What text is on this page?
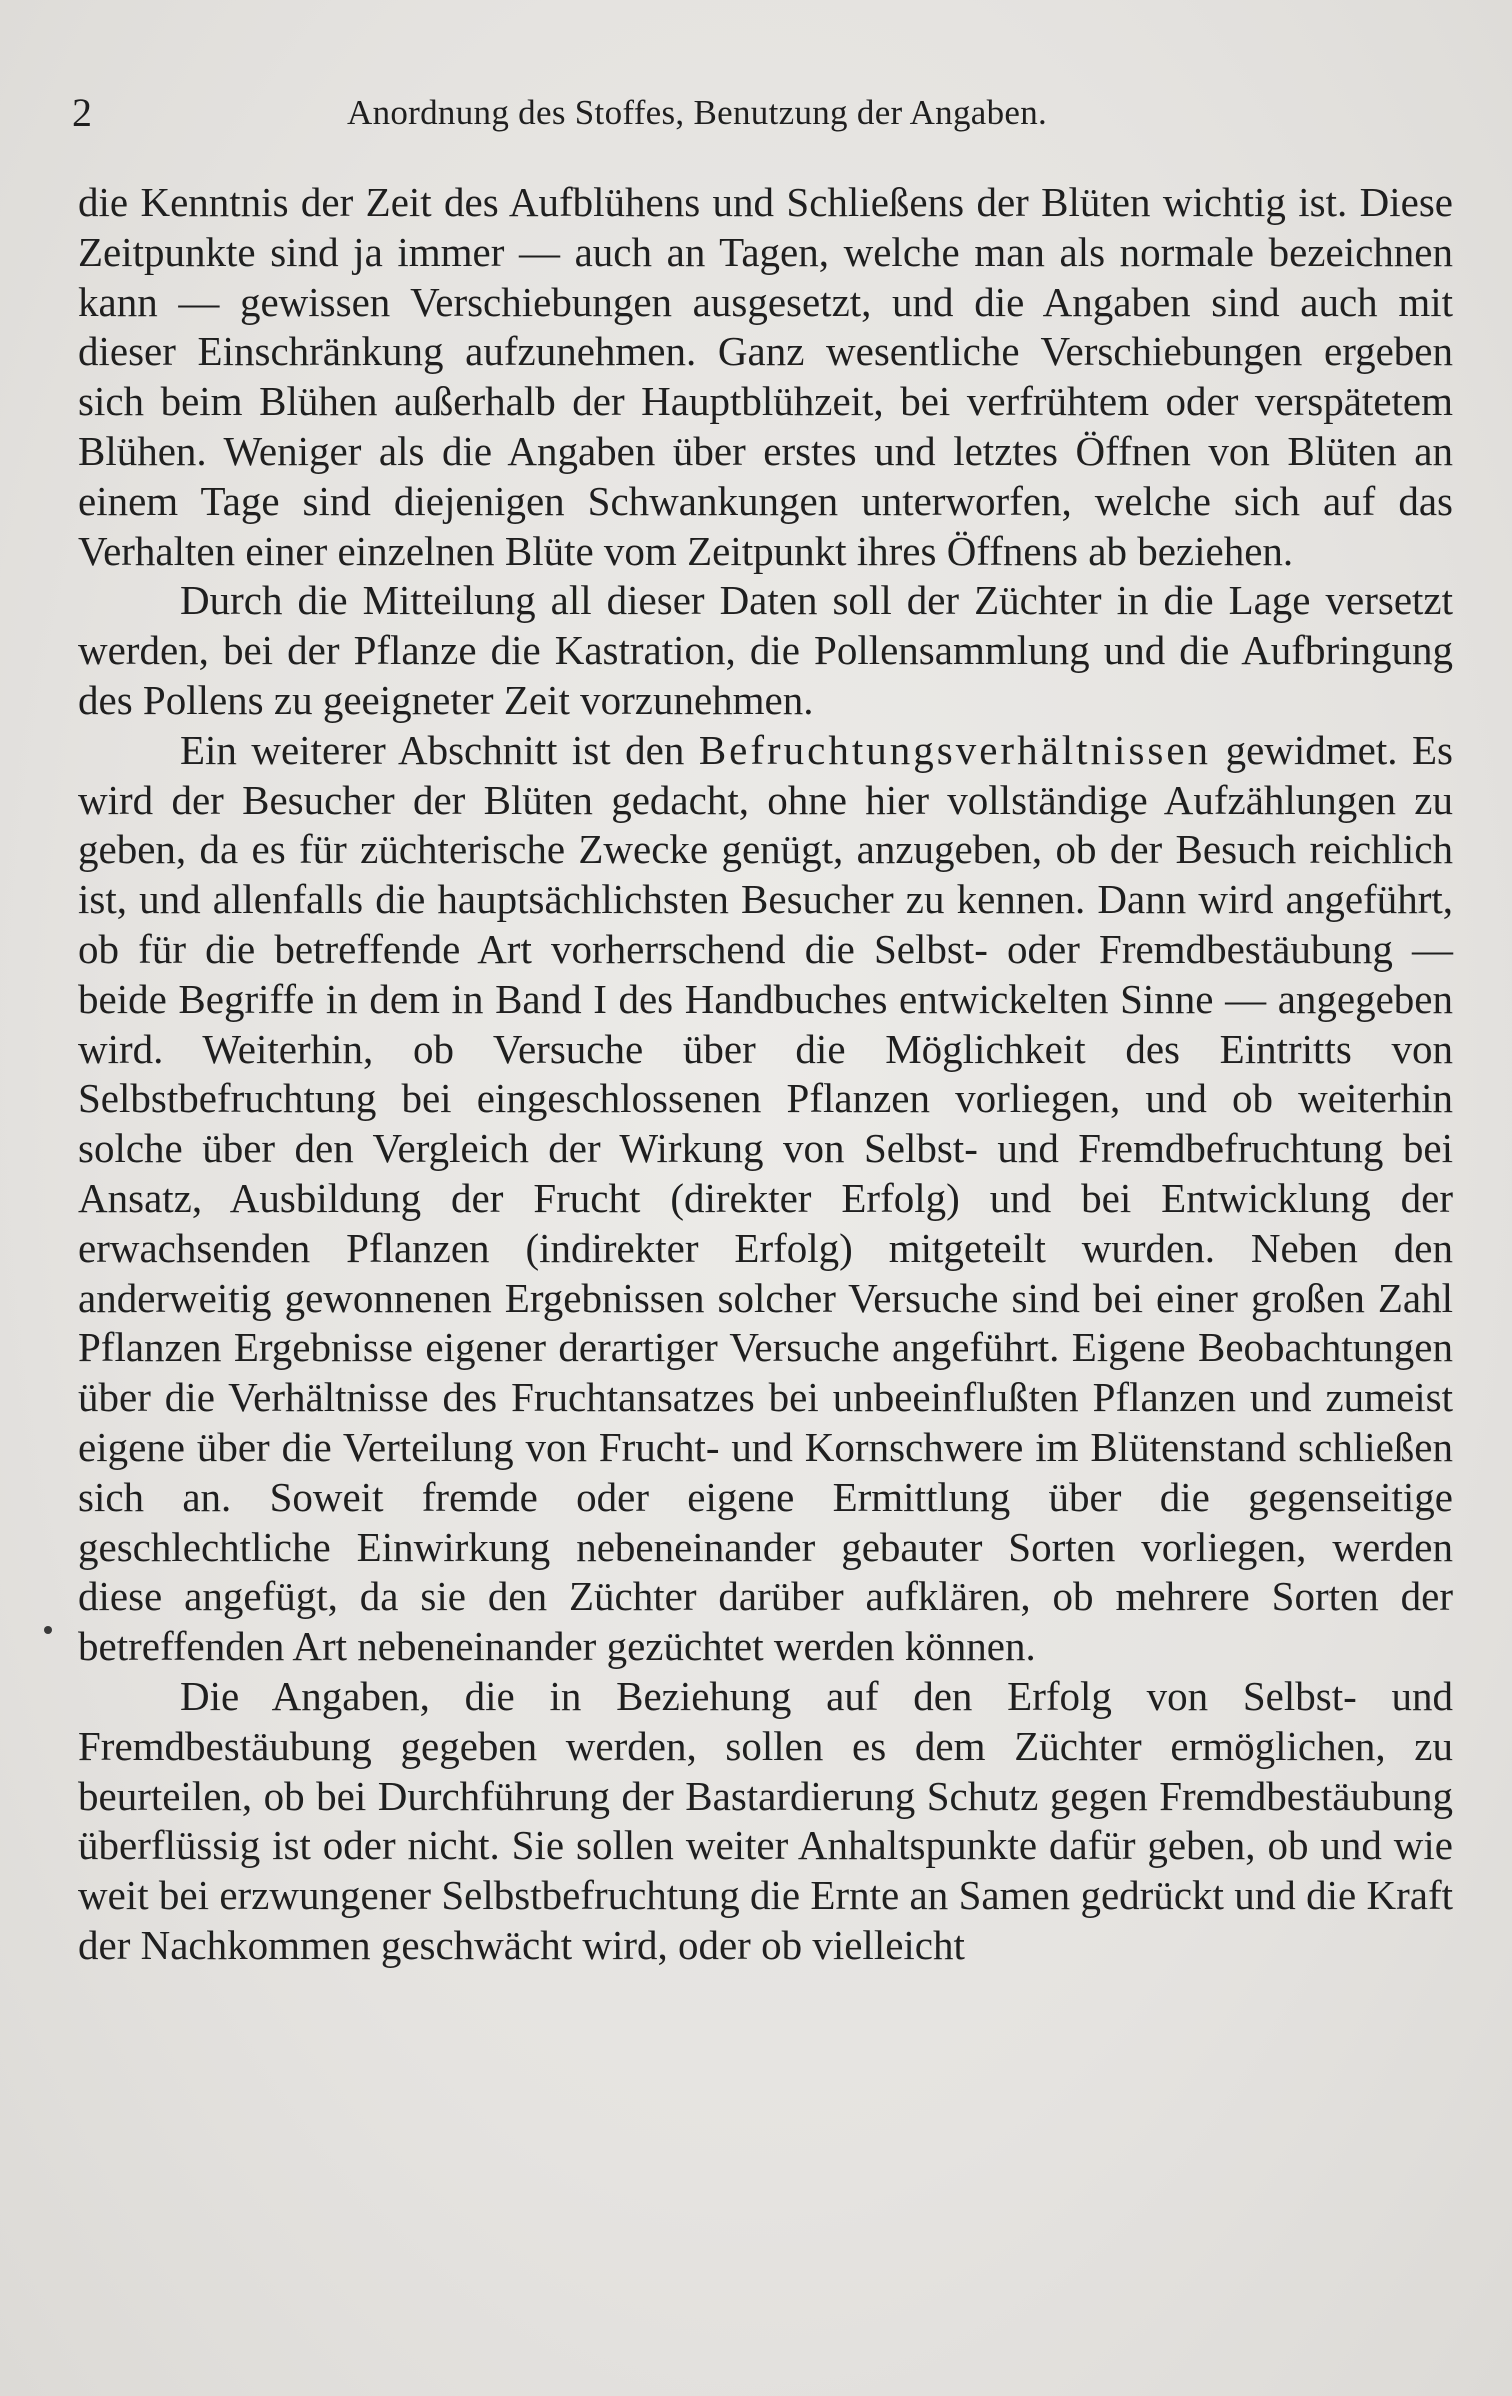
2	Anordnung des Stoffes, Benutzung der Angaben.

die Kenntnis der Zeit des Aufblühens und Schließens der Blüten wichtig ist. Diese Zeitpunkte sind ja immer — auch an Tagen, welche man als normale bezeichnen kann — gewissen Verschiebungen ausgesetzt, und die Angaben sind auch mit dieser Einschränkung aufzunehmen. Ganz wesentliche Verschiebungen ergeben sich beim Blühen außerhalb der Hauptblühzeit, bei verfrühtem oder verspätetem Blühen. Weniger als die Angaben über erstes und letztes Öffnen von Blüten an einem Tage sind diejenigen Schwankungen unterworfen, welche sich auf das Verhalten einer einzelnen Blüte vom Zeitpunkt ihres Öffnens ab beziehen.

Durch die Mitteilung all dieser Daten soll der Züchter in die Lage versetzt werden, bei der Pflanze die Kastration, die Pollensammlung und die Aufbringung des Pollens zu geeigneter Zeit vorzunehmen.

Ein weiterer Abschnitt ist den Befruchtungsverhältnissen gewidmet. Es wird der Besucher der Blüten gedacht, ohne hier vollständige Aufzählungen zu geben, da es für züchterische Zwecke genügt, anzugeben, ob der Besuch reichlich ist, und allenfalls die hauptsächlichsten Besucher zu kennen. Dann wird angeführt, ob für die betreffende Art vorherrschend die Selbst- oder Fremdbestäubung — beide Begriffe in dem in Band I des Handbuches entwickelten Sinne — angegeben wird. Weiterhin, ob Versuche über die Möglichkeit des Eintritts von Selbstbefruchtung bei eingeschlossenen Pflanzen vorliegen, und ob weiterhin solche über den Vergleich der Wirkung von Selbst- und Fremdbefruchtung bei Ansatz, Ausbildung der Frucht (direkter Erfolg) und bei Entwicklung der erwachsenden Pflanzen (indirekter Erfolg) mitgeteilt wurden. Neben den anderweitig gewonnenen Ergebnissen solcher Versuche sind bei einer großen Zahl Pflanzen Ergebnisse eigener derartiger Versuche angeführt. Eigene Beobachtungen über die Verhältnisse des Fruchtansatzes bei unbeeinflußten Pflanzen und zumeist eigene über die Verteilung von Frucht- und Kornschwere im Blütenstand schließen sich an. Soweit fremde oder eigene Ermittlung über die gegenseitige geschlechtliche Einwirkung nebeneinander gebauter Sorten vorliegen, werden diese angefügt, da sie den Züchter darüber aufklären, ob mehrere Sorten der betreffenden Art nebeneinander gezüchtet werden können.

Die Angaben, die in Beziehung auf den Erfolg von Selbst- und Fremdbestäubung gegeben werden, sollen es dem Züchter ermöglichen, zu beurteilen, ob bei Durchführung der Bastardierung Schutz gegen Fremdbestäubung überflüssig ist oder nicht. Sie sollen weiter Anhaltspunkte dafür geben, ob und wie weit bei erzwungener Selbstbefruchtung die Ernte an Samen gedrückt und die Kraft der Nachkommen geschwächt wird, oder ob vielleicht
